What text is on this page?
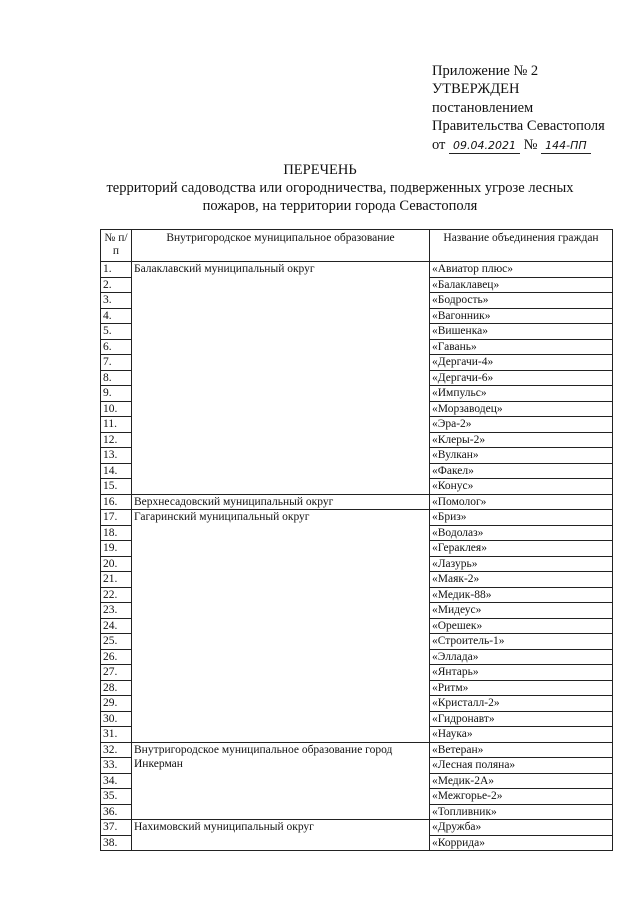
Приложение № 2
УТВЕРЖДЕН
постановлением
Правительства Севастополя
от 09.04.2021 № 144-ПП
ПЕРЕЧЕНЬ
территорий садоводства или огородничества, подверженных угрозе лесных пожаров, на территории города Севастополя
№ п/п	Внутригородское муниципальное образование	Название объединения граждан
1.	Балаклавский муниципальный округ	«Авиатор плюс»
2.		«Балаклавец»
3.		«Бодрость»
4.		«Вагонник»
5.		«Вишенка»
6.		«Гавань»
7.		«Дергачи-4»
8.		«Дергачи-6»
9.		«Импульс»
10.		«Морзаводец»
11.		«Эра-2»
12.		«Клеры-2»
13.		«Вулкан»
14.		«Факел»
15.		«Конус»
16.	Верхнесадовский муниципальный округ	«Помолог»
17.	Гагаринский муниципальный округ	«Бриз»
18.		«Водолаз»
19.		«Гераклея»
20.		«Лазурь»
21.		«Маяк-2»
22.		«Медик-88»
23.		«Мидеус»
24.		«Орешек»
25.		«Строитель-1»
26.		«Эллада»
27.		«Янтарь»
28.		«Ритм»
29.		«Кристалл-2»
30.		«Гидронавт»
31.		«Наука»
32.	Внутригородское муниципальное образование город Инкерман	«Ветеран»
33.		«Лесная поляна»
34.		«Медик-2А»
35.		«Межгорье-2»
36.		«Топливник»
37.	Нахимовский муниципальный округ	«Дружба»
38.		«Коррида»
